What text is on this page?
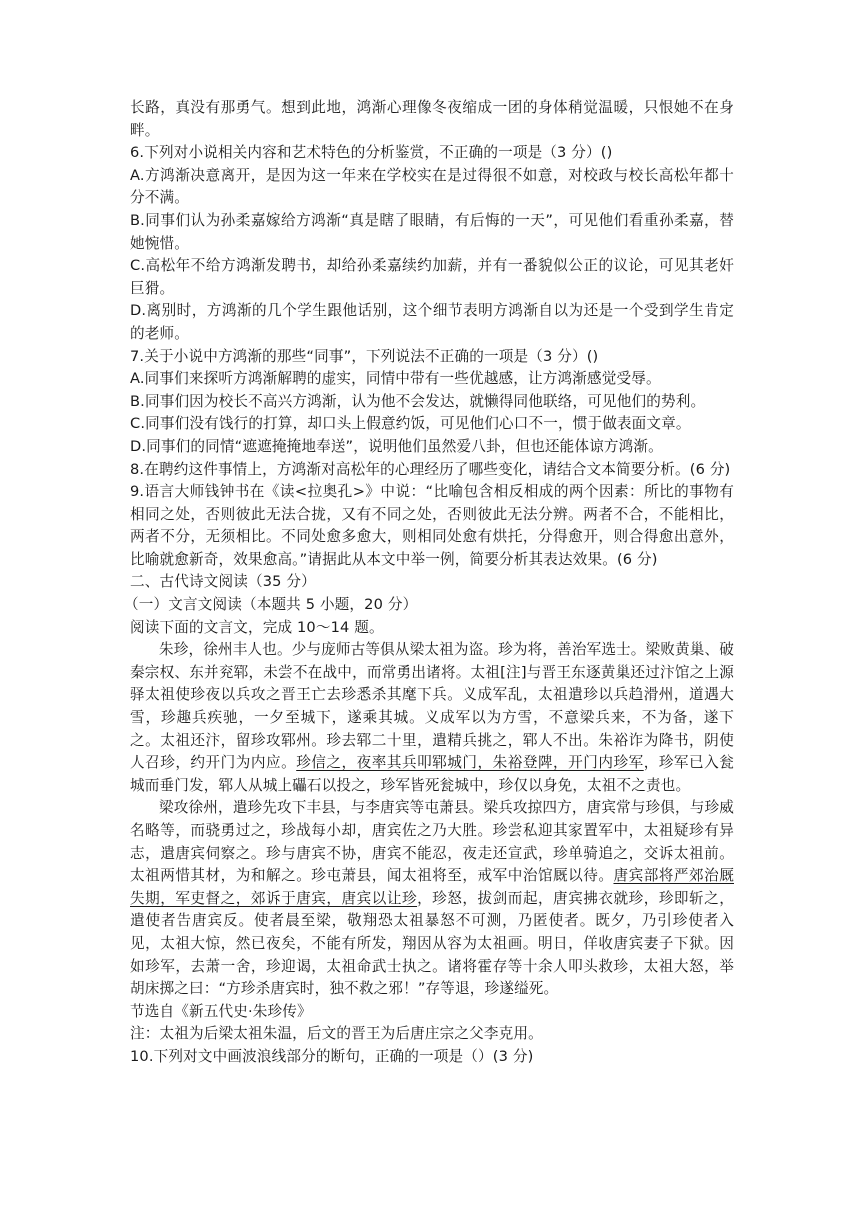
长路，真没有那勇气。想到此地，鸿渐心理像冬夜缩成一团的身体稍觉温暖，只恨她不在身畔。

6.下列对小说相关内容和艺术特色的分析鉴赏，不正确的一项是（3 分）()

A.方鸿渐决意离开，是因为这一年来在学校实在是过得很不如意，对校政与校长高松年都十分不满。

B.同事们认为孙柔嘉嫁给方鸿渐“真是瞎了眼睛，有后悔的一天”，可见他们看重孙柔嘉，替她惋惜。

C.高松年不给方鸿渐发聘书，却给孙柔嘉续约加薪，并有一番貌似公正的议论，可见其老奸巨猾。

D.离别时，方鸿渐的几个学生跟他话别，这个细节表明方鸿渐自以为还是一个受到学生肯定的老师。

7.关于小说中方鸿渐的那些“同事”，下列说法不正确的一项是（3 分）()

A.同事们来探听方鸿渐解聘的虚实，同情中带有一些优越感，让方鸿渐感觉受辱。

B.同事们因为校长不高兴方鸿渐，认为他不会发达，就懒得同他联络，可见他们的势利。

C.同事们没有饯行的打算，却口头上假意约饭，可见他们心口不一，惯于做表面文章。

D.同事们的同情“遮遮掩掩地奉送”，说明他们虽然爱八卦，但也还能体谅方鸿渐。

8.在聘约这件事情上，方鸿渐对高松年的心理经历了哪些变化，请结合文本简要分析。(6 分)

9.语言大师钱钟书在《读<拉奥孔>》中说：“比喻包含相反相成的两个因素：所比的事物有相同之处，否则彼此无法合拢，又有不同之处，否则彼此无法分辨。两者不合，不能相比，两者不分，无须相比。不同处愈多愈大，则相同处愈有烘托，分得愈开，则合得愈出意外，比喻就愈新奇，效果愈高。”请据此从本文中举一例，简要分析其表达效果。(6 分)

二、古代诗文阅读（35 分）

（一）文言文阅读（本题共 5 小题，20 分）

阅读下面的文言文，完成 10～14 题。

朱珍，徐州丰人也。少与庞师古等俱从梁太祖为盗。珍为将，善治军选士。梁败黄巢、破秦宗权、东并兖郓，未尝不在战中，而常勇出诸将。太祖[注]与晋王东逐黄巢还过汴馆之上源驿太祖使珍夜以兵攻之晋王亡去珍悉杀其麾下兵。义成军乱，太祖遣珍以兵趋滑州，道遇大雪，珍趣兵疾驰，一夕至城下，遂乘其城。义成军以为方雪，不意梁兵来，不为备，遂下之。太祖还汴，留珍攻郓州。珍去郓二十里，遣精兵挑之，郓人不出。朱裕诈为降书，阴使人召珍，约开门为内应。珍信之，夜率其兵叩郓城门，朱裕登陴，开门内珍军，珍军已入瓮城而垂门发，郓人从城上礧石以投之，珍军皆死瓮城中，珍仅以身免，太祖不之责也。

梁攻徐州，遣珍先攻下丰县，与李唐宾等屯萧县。梁兵攻掠四方，唐宾常与珍俱，与珍威名略等，而骁勇过之，珍战每小却，唐宾佐之乃大胜。珍尝私迎其家置军中，太祖疑珍有异志，遣唐宾伺察之。珍与唐宾不协，唐宾不能忍，夜走还宣武，珍单骑追之，交诉太祖前。太祖两惜其材，为和解之。珍屯萧县，闻太祖将至，戒军中治馆厩以待。唐宾部将严郊治厩失期，军吏督之，郊诉于唐宾，唐宾以让珍，珍怒，拔剑而起，唐宾拂衣就珍，珍即斩之，遣使者告唐宾反。使者晨至梁，敬翔恐太祖暴怒不可测，乃匿使者。既夕，乃引珍使者入见，太祖大惊，然已夜矣，不能有所发，翔因从容为太祖画。明日，佯收唐宾妻子下狱。因如珍军，去萧一舍，珍迎谒，太祖命武士执之。诸将霍存等十余人叩头救珍，太祖大怒，举胡床掷之曰：“方珍杀唐宾时，独不救之邪！”存等退，珍遂缢死。

节选自《新五代史·朱珍传》

注：太祖为后梁太祖朱温，后文的晋王为后唐庄宗之父李克用。

10.下列对文中画波浪线部分的断句，正确的一项是（）(3 分)
